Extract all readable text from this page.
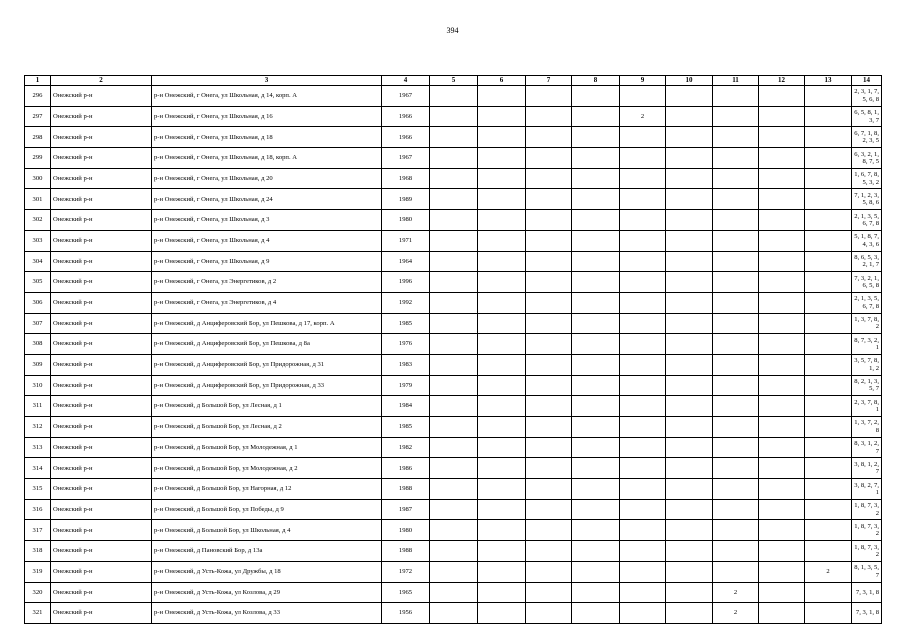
394
1	2	3	4	5	6	7	8	9	10	11	12	13	14
296	Онежский р-н	р-н Онежский, г Онега, ул Школьная, д 14, корп. А	1967										2, 3, 1, 7, 5, 6, 8
297	Онежский р-н	р-н Онежский, г Онега, ул Школьная, д 16	1966					2					6, 5, 8, 1, 3, 7
298	Онежский р-н	р-н Онежский, г Онега, ул Школьная, д 18	1966										6, 7, 1, 8, 2, 3, 5
299	Онежский р-н	р-н Онежский, г Онега, ул Школьная, д 18, корп. А	1967										6, 3, 2, 1, 8, 7, 5
300	Онежский р-н	р-н Онежский, г Онега, ул Школьная, д 20	1968										1, 6, 7, 8, 5, 3, 2
301	Онежский р-н	р-н Онежский, г Онега, ул Школьная, д 24	1989										7, 1, 2, 3, 5, 8, 6
302	Онежский р-н	р-н Онежский, г Онега, ул Школьная, д 3	1980										2, 1, 3, 5, 6, 7, 8
303	Онежский р-н	р-н Онежский, г Онега, ул Школьная, д 4	1971										5, 1, 8, 7, 4, 3, 6
304	Онежский р-н	р-н Онежский, г Онега, ул Школьная, д 9	1964										8, 6, 5, 3, 2, 1, 7
305	Онежский р-н	р-н Онежский, г Онега, ул Энергетиков, д 2	1996										7, 3, 2, 1, 6, 5, 8
306	Онежский р-н	р-н Онежский, г Онега, ул Энергетиков, д 4	1992										2, 1, 3, 5, 6, 7, 8
307	Онежский р-н	р-н Онежский, д Анциферовский Бор, ул Пешкова, д 17, корп. А	1985										1, 3, 7, 8, 2
308	Онежский р-н	р-н Онежский, д Анциферовский Бор, ул Пешкова, д 8а	1976										8, 7, 3, 2, 1
309	Онежский р-н	р-н Онежский, д Анциферовский Бор, ул Придорожная, д 31	1983										3, 5, 7, 8, 1, 2
310	Онежский р-н	р-н Онежский, д Анциферовский Бор, ул Придорожная, д 33	1979										8, 2, 1, 3, 5, 7
311	Онежский р-н	р-н Онежский, д Большой Бор, ул Лесная, д 1	1984										2, 3, 7, 8, 1
312	Онежский р-н	р-н Онежский, д Большой Бор, ул Лесная, д 2	1985										1, 3, 7, 2, 8
313	Онежский р-н	р-н Онежский, д Большой Бор, ул Молодежная, д 1	1982										8, 3, 1, 2, 7
314	Онежский р-н	р-н Онежский, д Большой Бор, ул Молодежная, д 2	1986										3, 8, 1, 2, 7
315	Онежский р-н	р-н Онежский, д Большой Бор, ул Нагорная, д 12	1988										3, 8, 2, 7, 1
316	Онежский р-н	р-н Онежский, д Большой Бор, ул Победы, д 9	1987										1, 8, 7, 3, 2
317	Онежский р-н	р-н Онежский, д Большой Бор, ул Школьная, д 4	1980										1, 8, 7, 3, 2
318	Онежский р-н	р-н Онежский, д Пановский Бор, д 13а	1988										1, 8, 7, 3, 2
319	Онежский р-н	р-н Онежский, д Усть-Кожа, ул Дружбы, д 18	1972									2	8, 1, 3, 5, 7
320	Онежский р-н	р-н Онежский, д Усть-Кожа, ул Козлова, д 29	1965							2			7, 3, 1, 8
321	Онежский р-н	р-н Онежский, д Усть-Кожа, ул Козлова, д 33	1956							2			7, 3, 1, 8
